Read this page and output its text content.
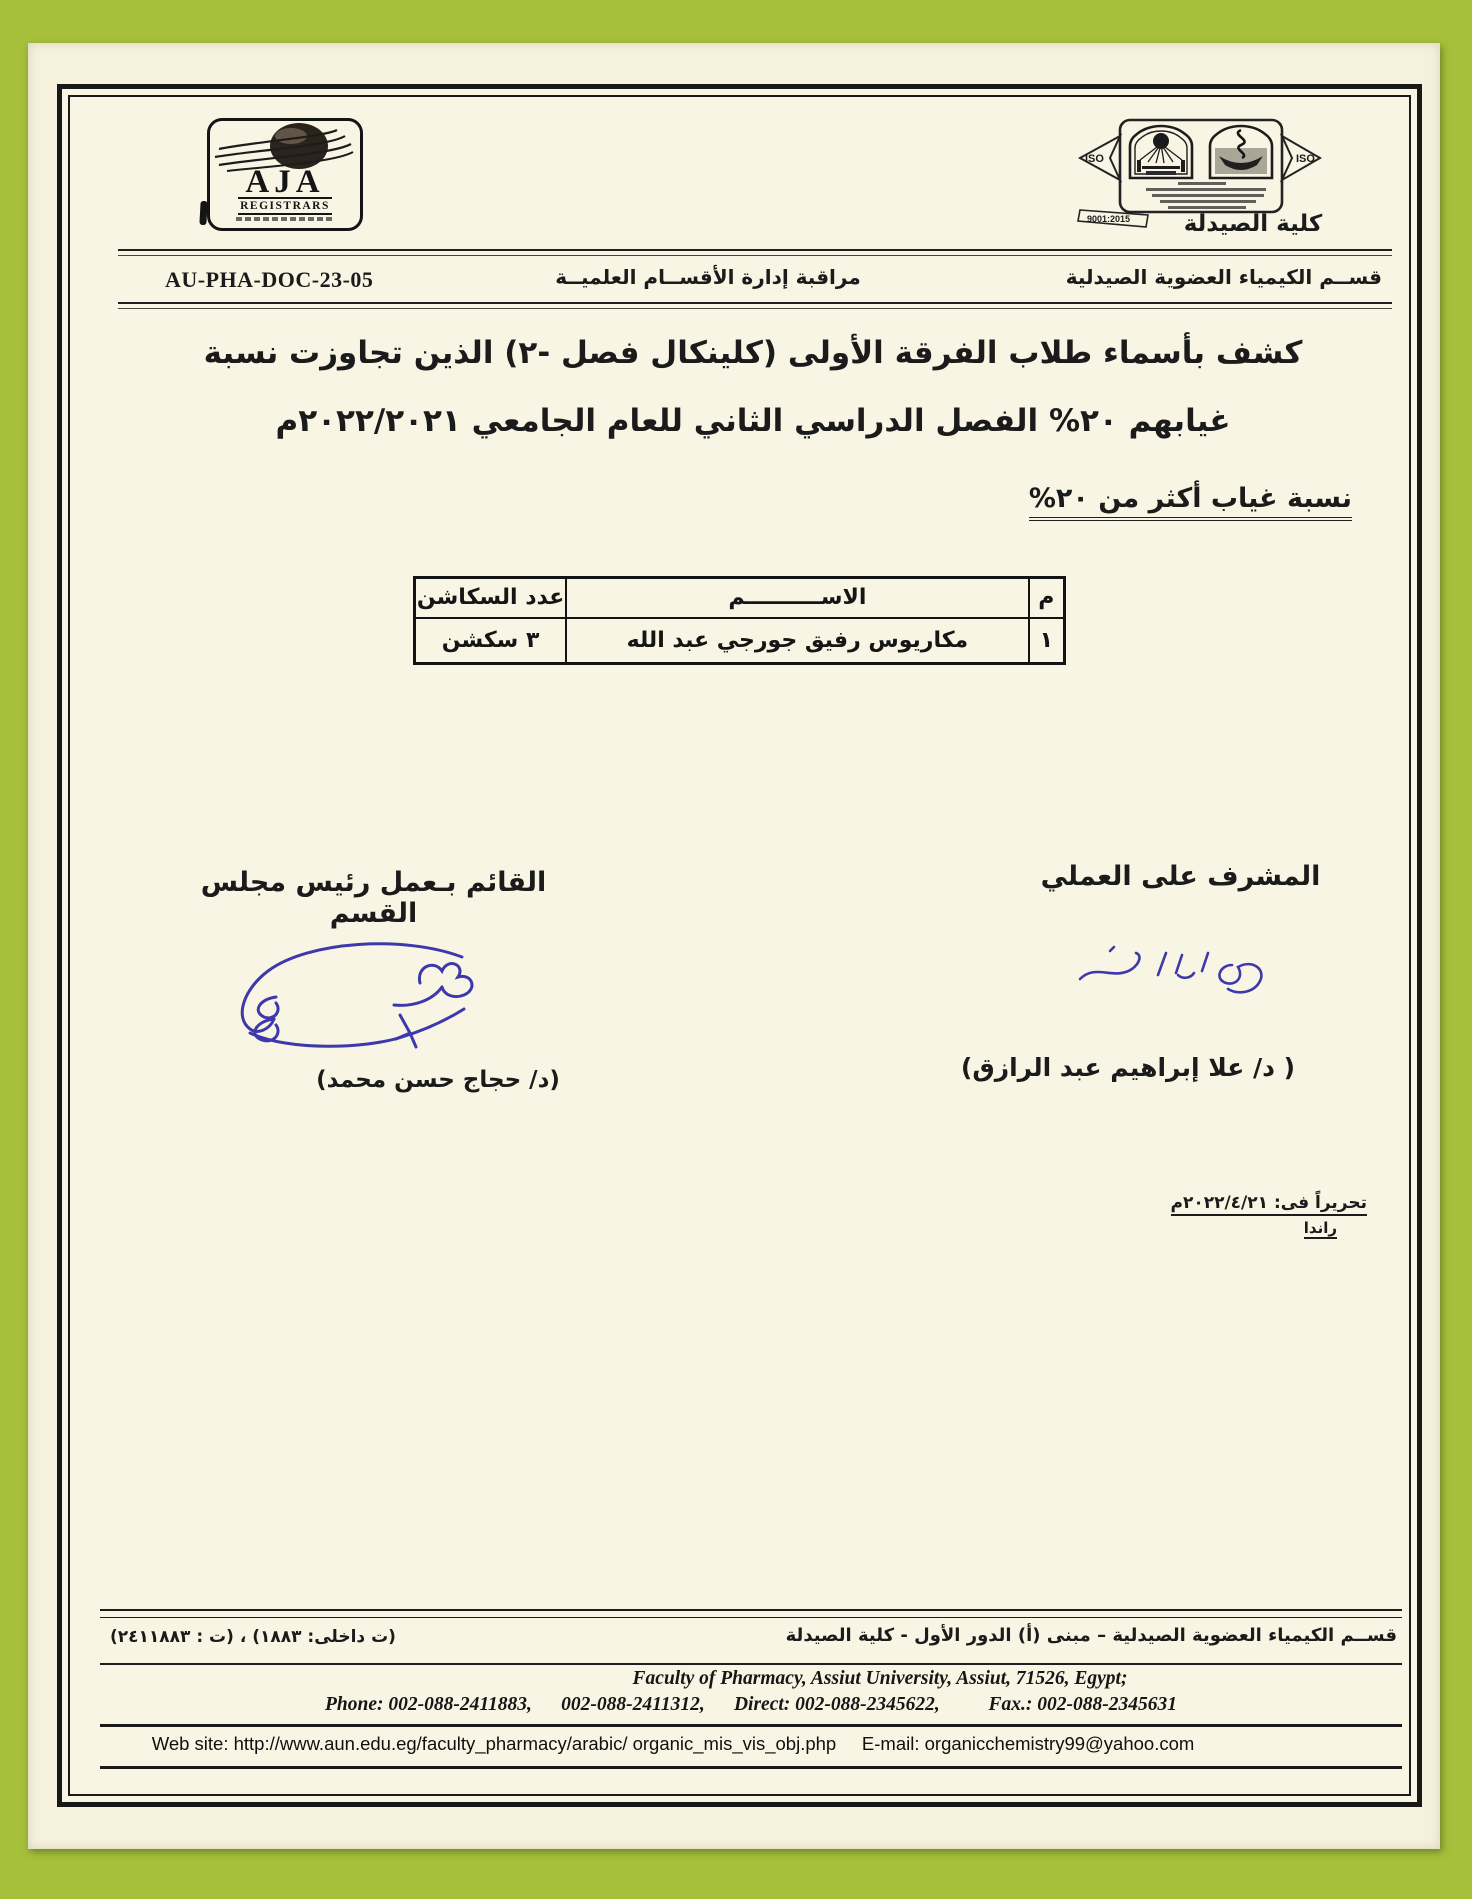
AJA
REGISTRARS
ISO	ISO
9001:2015	كلية الصيدلة
AU-PHA-DOC-23-05	مراقبة إدارة الأقســام العلميــة	قســم الكيمياء العضوية الصيدلية
كشف بأسماء طلاب الفرقة الأولى (كلينكال فصل -٢) الذين تجاوزت نسبة
غيابهم ٢٠% الفصل الدراسي الثاني للعام الجامعي ٢٠٢٢/٢٠٢١م
نسبة غياب أكثر من ٢٠%
م	الاســــــــــم	عدد السكاشن
١	مكاريوس رفيق جورجي عبد الله	٣ سكشن
المشرف على العملي
( د/ علا إبراهيم عبد الرازق)
القائم بـعمل رئيس مجلس القسم
(د/ حجاج حسن محمد)
تحريراً فى: ٢٠٢٢/٤/٢١م
راندا
قســم الكيمياء العضوية الصيدلية – مبنى (أ) الدور الأول - كلية الصيدلة
(ت داخلى: ١٨٨٣) ، (ت : ٢٤١١٨٨٣)
Faculty of Pharmacy, Assiut University, Assiut, 71526, Egypt;
Phone: 002-088-2411883,      002-088-2411312,      Direct: 002-088-2345622,          Fax.: 002-088-2345631
Web site: http://www.aun.edu.eg/faculty_pharmacy/arabic/ organic_mis_vis_obj.php     E-mail: organicchemistry99@yahoo.com
